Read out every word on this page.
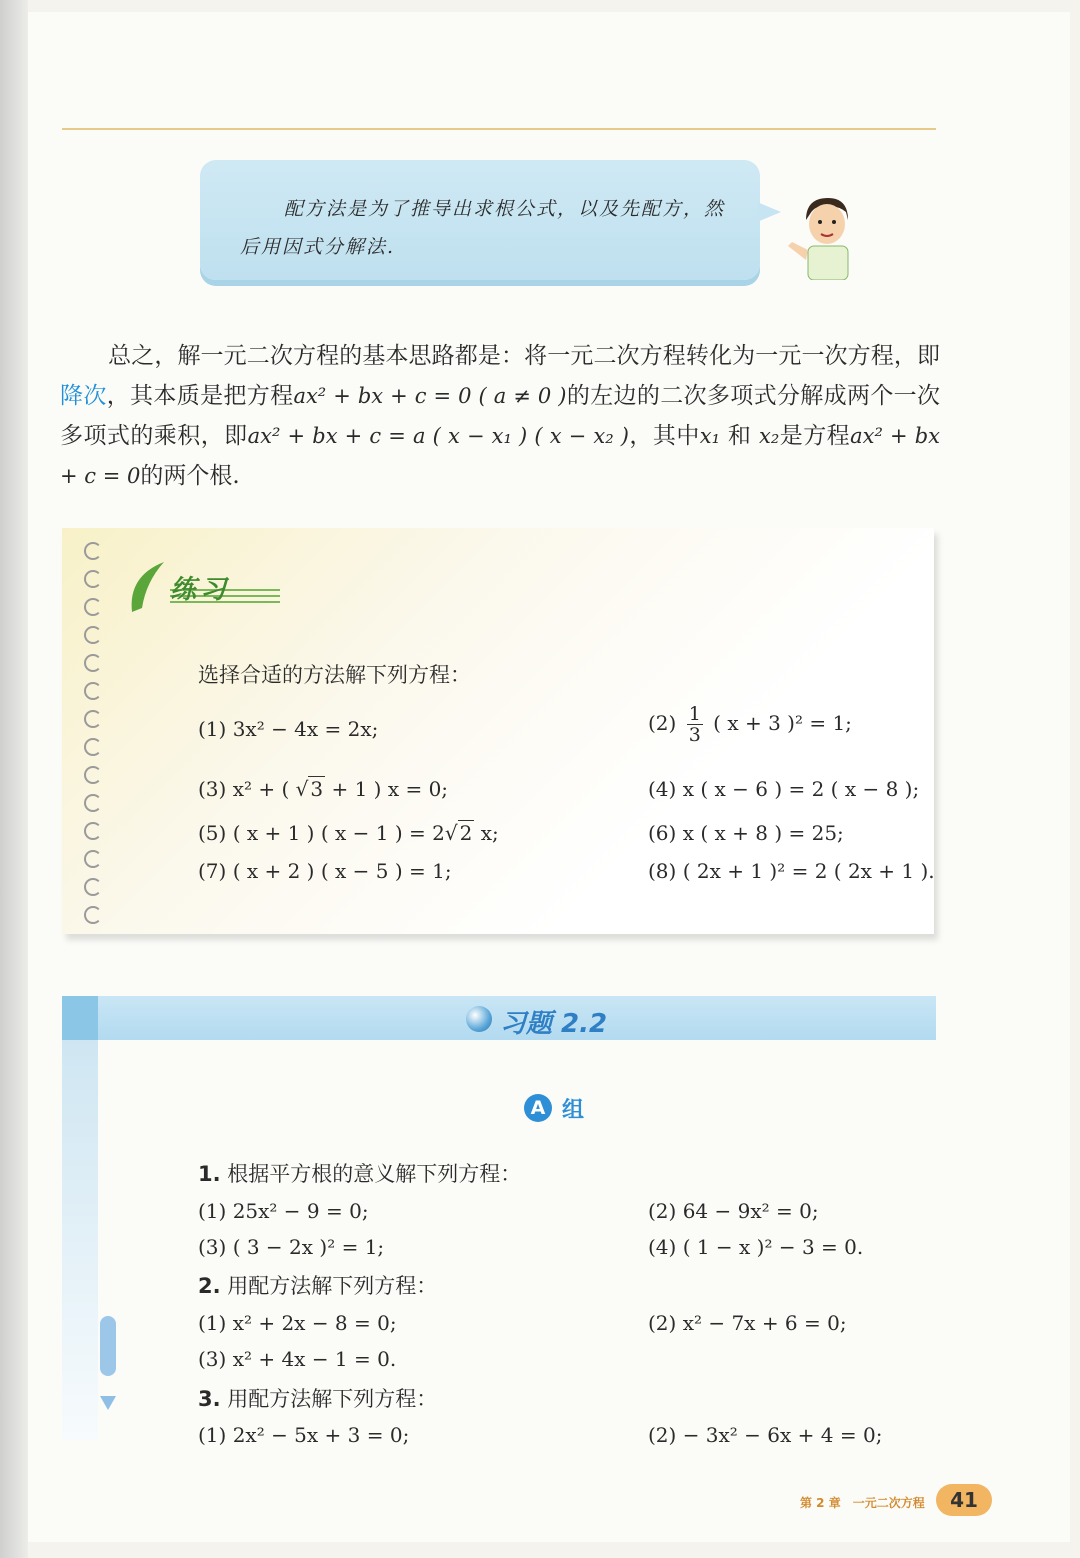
配方法是为了推导出求根公式，以及先配方，然后用因式分解法.
总之，解一元二次方程的基本思路都是：将一元二次方程转化为一元一次方程，即降次，其本质是把方程ax² + bx + c = 0 ( a ≠ 0 )的左边的二次多项式分解成两个一次多项式的乘积，即ax² + bx + c = a ( x − x₁ ) ( x − x₂ )，其中x₁ 和 x₂是方程ax² + bx + c = 0的两个根.
练习
选择合适的方法解下列方程：
(1) 3x² − 4x = 2x;	$(2) \frac{1}{3}$ ( x + 3 )² = 1;
(3) x² + ( √ 3 + 1 ) x = 0;	(4) x ( x − 6 ) = 2 ( x − 8 );
(5) ( x + 1 ) ( x − 1 ) = 2√ 2 x;	(6) x ( x + 8 ) = 25;
(7) ( x + 2 ) ( x − 5 ) = 1;	(8) ( 2x + 1 )² = 2 ( 2x + 1 ).
习题 2.2
A 组
1. 根据平方根的意义解下列方程：
(1) 25x² − 9 = 0;	(2) 64 − 9x² = 0;
(3) ( 3 − 2x )² = 1;	(4) ( 1 − x )² − 3 = 0.
2. 用配方法解下列方程：
(1) x² + 2x − 8 = 0;	(2) x² − 7x + 6 = 0;
(3) x² + 4x − 1 = 0.
3. 用配方法解下列方程：
(1) 2x² − 5x + 3 = 0;	(2) − 3x² − 6x + 4 = 0;
第 2 章　一元二次方程	41
